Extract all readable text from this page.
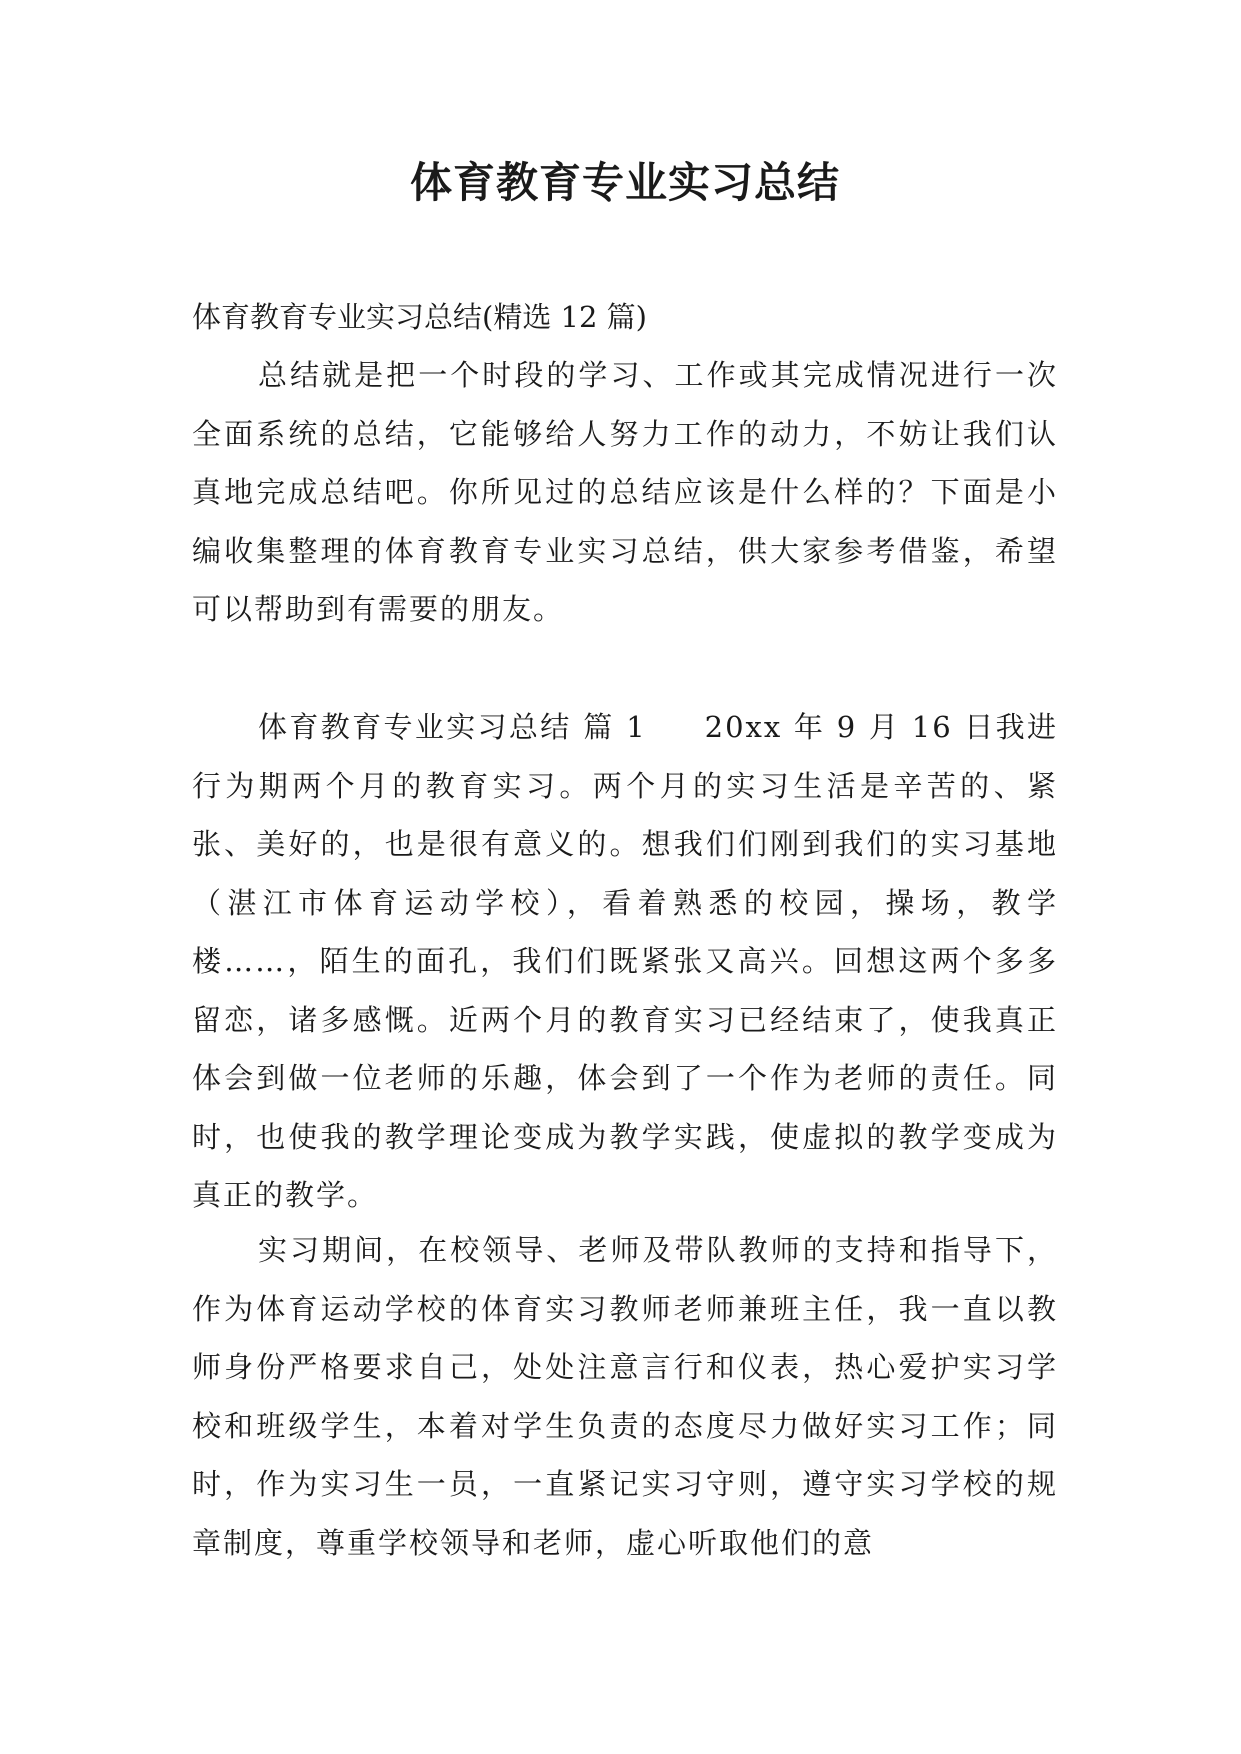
体育教育专业实习总结

体育教育专业实习总结(精选 12 篇)

总结就是把一个时段的学习、工作或其完成情况进行一次全面系统的总结，它能够给人努力工作的动力，不妨让我们认真地完成总结吧。你所见过的总结应该是什么样的？下面是小编收集整理的体育教育专业实习总结，供大家参考借鉴，希望可以帮助到有需要的朋友。

体育教育专业实习总结 篇 1 20xx 年 9 月 16 日我进行为期两个月的教育实习。两个月的实习生活是辛苦的、紧张、美好的，也是很有意义的。想我们们刚到我们的实习基地（湛江市体育运动学校），看着熟悉的校园，操场，教学楼……，陌生的面孔，我们们既紧张又高兴。回想这两个多多留恋，诸多感慨。近两个月的教育实习已经结束了，使我真正体会到做一位老师的乐趣，体会到了一个作为老师的责任。同时，也使我的教学理论变成为教学实践，使虚拟的教学变成为真正的教学。

实习期间，在校领导、老师及带队教师的支持和指导下，作为体育运动学校的体育实习教师老师兼班主任，我一直以教师身份严格要求自己，处处注意言行和仪表，热心爱护实习学校和班级学生，本着对学生负责的态度尽力做好实习工作；同时，作为实习生一员，一直紧记实习守则，遵守实习学校的规章制度，尊重学校领导和老师，虚心听取他们的意
